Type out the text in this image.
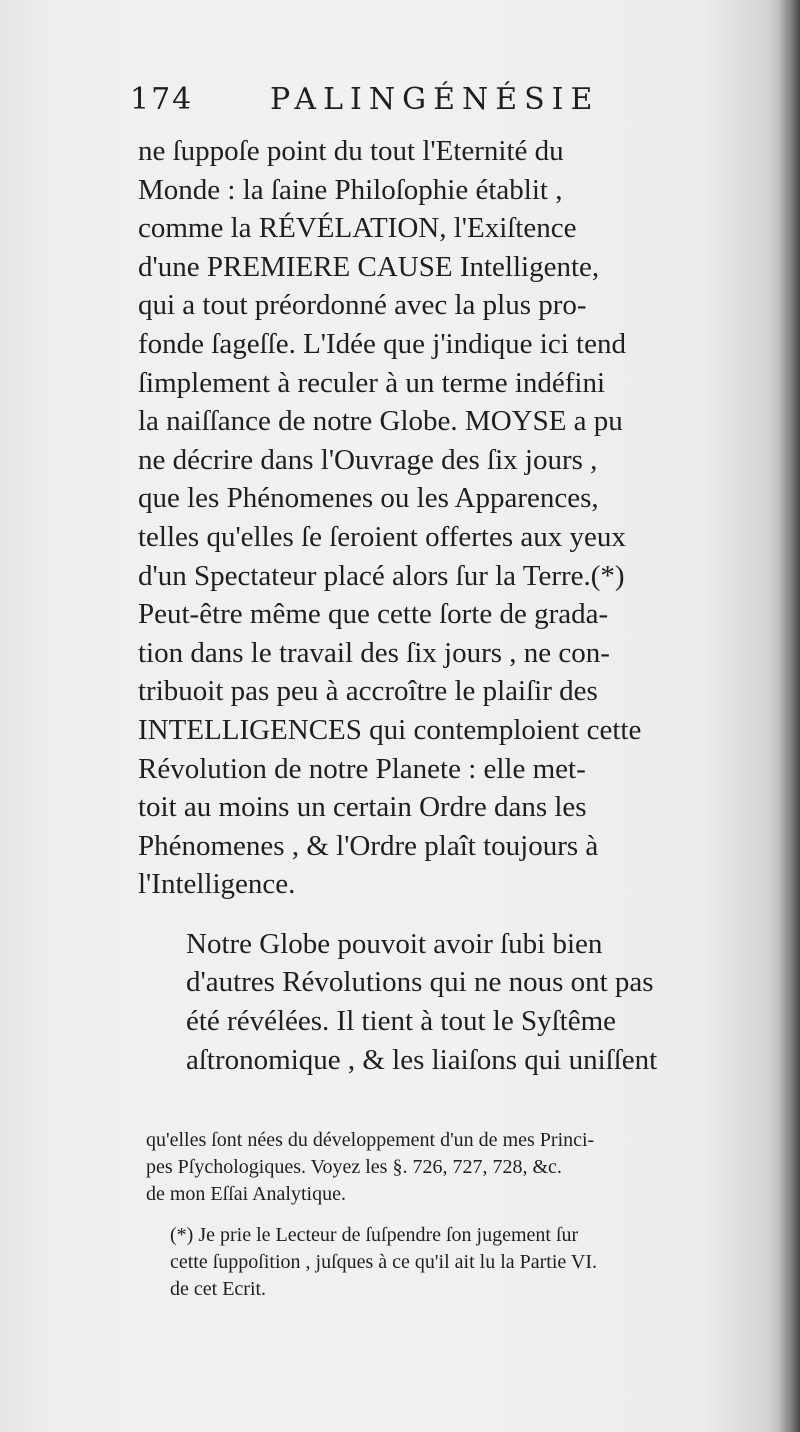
174	PALINGÉNÉSIE

ne ſuppoſe point du tout l'Eternité du
Monde : la ſaine Philoſophie établit ,
comme la RÉVÉLATION, l'Exiſtence
d'une PREMIERE CAUSE Intelligente,
qui a tout préordonné avec la plus pro-
fonde ſageſſe. L'Idée que j'indique ici tend
ſimplement à reculer à un terme indéfini
la naiſſance de notre Globe. MOYSE a pu
ne décrire dans l'Ouvrage des ſix jours ,
que les Phénomenes ou les Apparences,
telles qu'elles ſe ſeroient offertes aux yeux
d'un Spectateur placé alors ſur la Terre.(*)
Peut-être même que cette ſorte de grada-
tion dans le travail des ſix jours , ne con-
tribuoit pas peu à accroître le plaiſir des
INTELLIGENCES qui contemploient cette
Révolution de notre Planete : elle met-
toit au moins un certain Ordre dans les
Phénomenes , & l'Ordre plaît toujours à
l'Intelligence.

Notre Globe pouvoit avoir ſubi bien
d'autres Révolutions qui ne nous ont pas
été révélées. Il tient à tout le Syſtême
aſtronomique , & les liaiſons qui uniſſent

qu'elles ſont nées du développement d'un de mes Princi-
pes Pſychologiques. Voyez les §. 726, 727, 728, &c.
de mon Eſſai Analytique.

(*) Je prie le Lecteur de ſuſpendre ſon jugement ſur
cette ſuppoſition , juſques à ce qu'il ait lu la Partie VI.
de cet Ecrit.
